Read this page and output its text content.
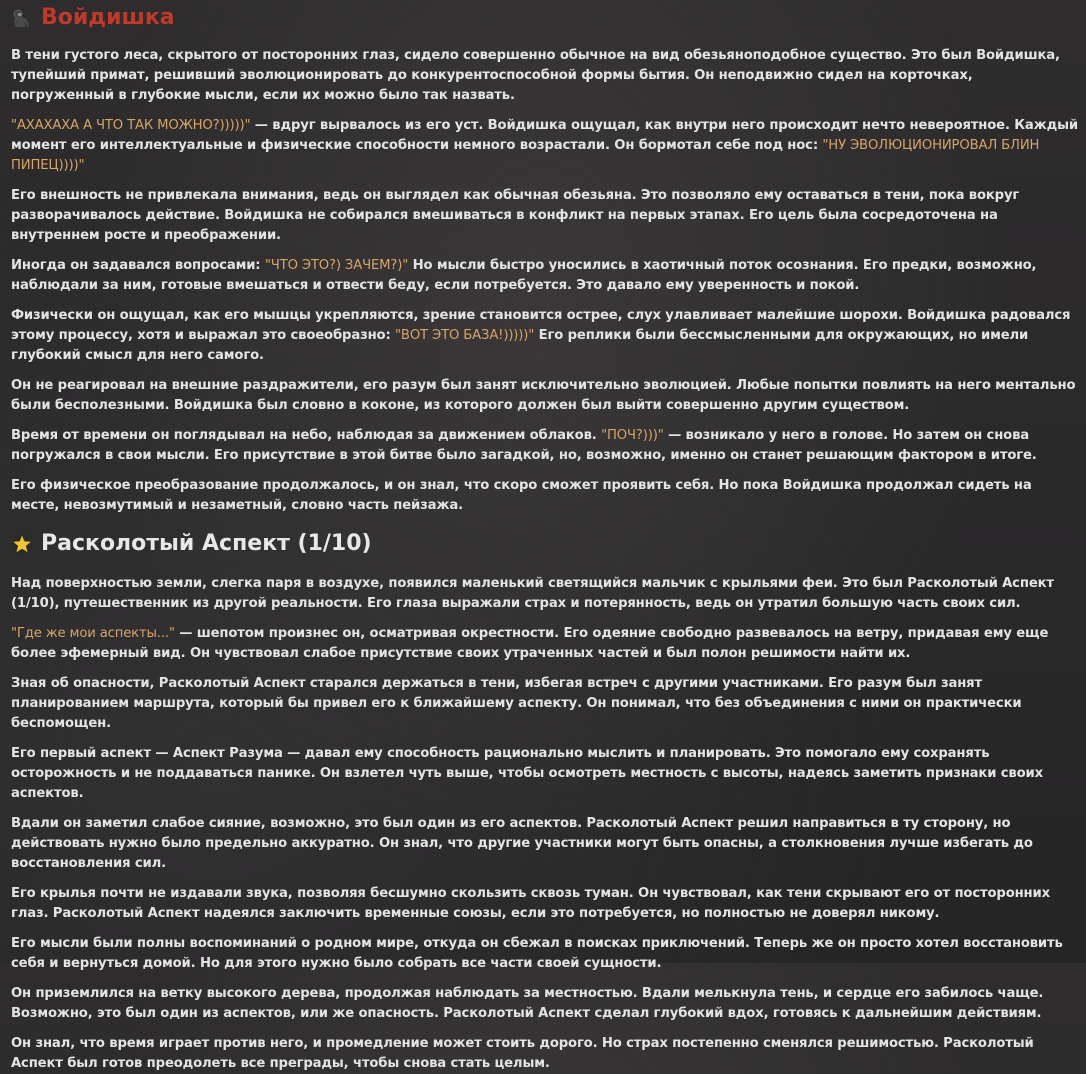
Войдишка

В тени густого леса, скрытого от посторонних глаз, сидело совершенно обычное на вид обезьяноподобное существо. Это был Войдишка, тупейший примат, решивший эволюционировать до конкурентоспособной формы бытия. Он неподвижно сидел на корточках, погруженный в глубокие мысли, если их можно было так назвать.

"АХАХАХА А ЧТО ТАК МОЖНО?)))))" — вдруг вырвалось из его уст. Войдишка ощущал, как внутри него происходит нечто невероятное. Каждый момент его интеллектуальные и физические способности немного возрастали. Он бормотал себе под нос: "НУ ЭВОЛЮЦИОНИРОВАЛ БЛИН ПИПЕЦ))))"

Его внешность не привлекала внимания, ведь он выглядел как обычная обезьяна. Это позволяло ему оставаться в тени, пока вокруг разворачивалось действие. Войдишка не собирался вмешиваться в конфликт на первых этапах. Его цель была сосредоточена на внутреннем росте и преображении.

Иногда он задавался вопросами: "ЧТО ЭТО?) ЗАЧЕМ?)" Но мысли быстро уносились в хаотичный поток осознания. Его предки, возможно, наблюдали за ним, готовые вмешаться и отвести беду, если потребуется. Это давало ему уверенность и покой.

Физически он ощущал, как его мышцы укрепляются, зрение становится острее, слух улавливает малейшие шорохи. Войдишка радовался этому процессу, хотя и выражал это своеобразно: "ВОТ ЭТО БАЗА!)))))" Его реплики были бессмысленными для окружающих, но имели глубокий смысл для него самого.

Он не реагировал на внешние раздражители, его разум был занят исключительно эволюцией. Любые попытки повлиять на него ментально были бесполезными. Войдишка был словно в коконе, из которого должен был выйти совершенно другим существом.

Время от времени он поглядывал на небо, наблюдая за движением облаков. "ПОЧ?)))" — возникало у него в голове. Но затем он снова погружался в свои мысли. Его присутствие в этой битве было загадкой, но, возможно, именно он станет решающим фактором в итоге.

Его физическое преобразование продолжалось, и он знал, что скоро сможет проявить себя. Но пока Войдишка продолжал сидеть на месте, невозмутимый и незаметный, словно часть пейзажа.

Расколотый Аспект (1/10)

Над поверхностью земли, слегка паря в воздухе, появился маленький светящийся мальчик с крыльями феи. Это был Расколотый Аспект (1/10), путешественник из другой реальности. Его глаза выражали страх и потерянность, ведь он утратил большую часть своих сил.

"Где же мои аспекты..." — шепотом произнес он, осматривая окрестности. Его одеяние свободно развевалось на ветру, придавая ему еще более эфемерный вид. Он чувствовал слабое присутствие своих утраченных частей и был полон решимости найти их.

Зная об опасности, Расколотый Аспект старался держаться в тени, избегая встреч с другими участниками. Его разум был занят планированием маршрута, который бы привел его к ближайшему аспекту. Он понимал, что без объединения с ними он практически беспомощен.

Его первый аспект — Аспект Разума — давал ему способность рационально мыслить и планировать. Это помогало ему сохранять осторожность и не поддаваться панике. Он взлетел чуть выше, чтобы осмотреть местность с высоты, надеясь заметить признаки своих аспектов.

Вдали он заметил слабое сияние, возможно, это был один из его аспектов. Расколотый Аспект решил направиться в ту сторону, но действовать нужно было предельно аккуратно. Он знал, что другие участники могут быть опасны, а столкновения лучше избегать до восстановления сил.

Его крылья почти не издавали звука, позволяя бесшумно скользить сквозь туман. Он чувствовал, как тени скрывают его от посторонних глаз. Расколотый Аспект надеялся заключить временные союзы, если это потребуется, но полностью не доверял никому.

Его мысли были полны воспоминаний о родном мире, откуда он сбежал в поисках приключений. Теперь же он просто хотел восстановить себя и вернуться домой. Но для этого нужно было собрать все части своей сущности.

Он приземлился на ветку высокого дерева, продолжая наблюдать за местностью. Вдали мелькнула тень, и сердце его забилось чаще. Возможно, это был один из аспектов, или же опасность. Расколотый Аспект сделал глубокий вдох, готовясь к дальнейшим действиям.

Он знал, что время играет против него, и промедление может стоить дорого. Но страх постепенно сменялся решимостью. Расколотый Аспект был готов преодолеть все преграды, чтобы снова стать целым.
